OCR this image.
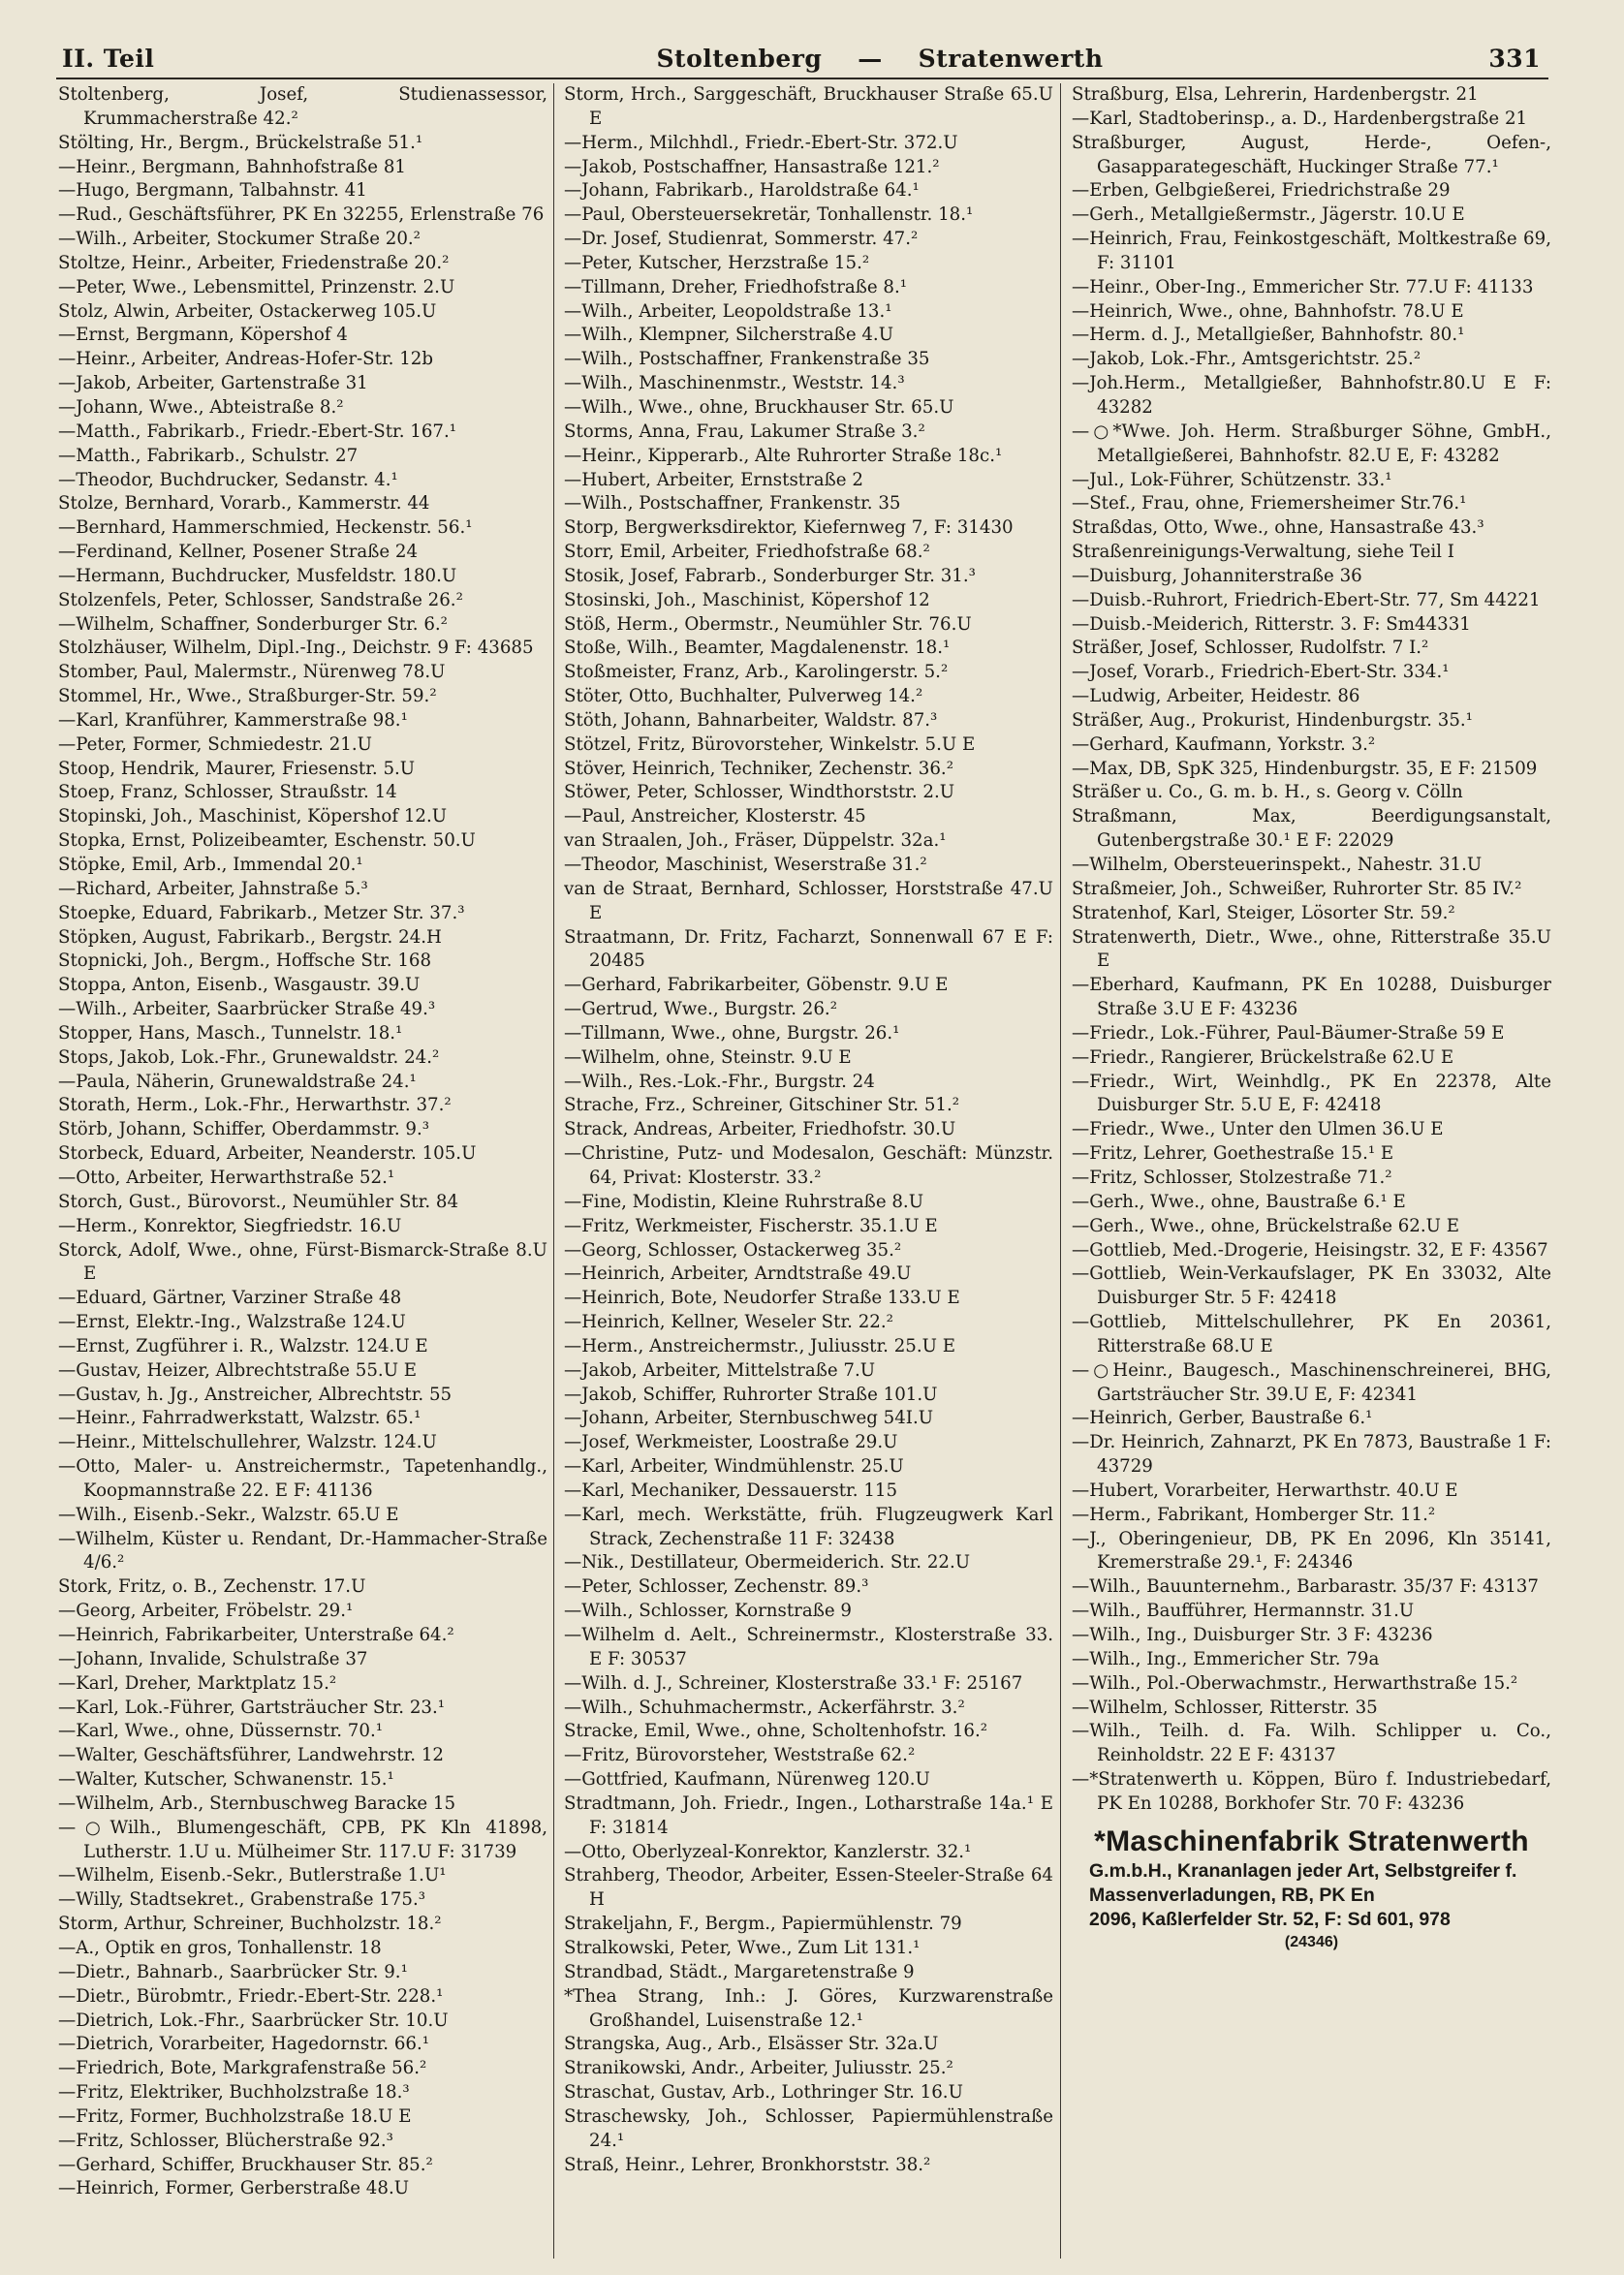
II. Teil	Stoltenberg — Stratenwerth	331
Stoltenberg, Josef, Studienassessor, Krummacherstraße 42.²
Stölting, Hr., Bergm., Brückelstraße 51.¹
—Heinr., Bergmann, Bahnhofstraße 81
—Hugo, Bergmann, Talbahnstr. 41
—Rud., Geschäftsführer, PK En 32255, Erlenstraße 76
—Wilh., Arbeiter, Stockumer Straße 20.²
Stoltze, Heinr., Arbeiter, Friedenstraße 20.²
—Peter, Wwe., Lebensmittel, Prinzenstr. 2.U
Stolz, Alwin, Arbeiter, Ostackerweg 105.U
—Ernst, Bergmann, Köpershof 4
—Heinr., Arbeiter, Andreas-Hofer-Str. 12b
—Jakob, Arbeiter, Gartenstraße 31
—Johann, Wwe., Abteistraße 8.²
—Matth., Fabrikarb., Friedr.-Ebert-Str. 167.¹
—Matth., Fabrikarb., Schulstr. 27
—Theodor, Buchdrucker, Sedanstr. 4.¹
Stolze, Bernhard, Vorarb., Kammerstr. 44
—Bernhard, Hammerschmied, Heckenstr. 56.¹
—Ferdinand, Kellner, Posener Straße 24
—Hermann, Buchdrucker, Musfeldstr. 180.U
Stolzenfels, Peter, Schlosser, Sandstraße 26.²
—Wilhelm, Schaffner, Sonderburger Str. 6.²
Stolzhäuser, Wilhelm, Dipl.-Ing., Deichstr. 9 F: 43685
Stomber, Paul, Malermstr., Nürenweg 78.U
Stommel, Hr., Wwe., Straßburger-Str. 59.²
—Karl, Kranführer, Kammerstraße 98.¹
—Peter, Former, Schmiedestr. 21.U
Stoop, Hendrik, Maurer, Friesenstr. 5.U
Stoep, Franz, Schlosser, Straußstr. 14
Stopinski, Joh., Maschinist, Köpershof 12.U
Stopka, Ernst, Polizeibeamter, Eschenstr. 50.U
Stöpke, Emil, Arb., Immendal 20.¹
—Richard, Arbeiter, Jahnstraße 5.³
Stoepke, Eduard, Fabrikarb., Metzer Str. 37.³
Stöpken, August, Fabrikarb., Bergstr. 24.H
Stopnicki, Joh., Bergm., Hoffsche Str. 168
Stoppa, Anton, Eisenb., Wasgaustr. 39.U
—Wilh., Arbeiter, Saarbrücker Straße 49.³
Stopper, Hans, Masch., Tunnelstr. 18.¹
Stops, Jakob, Lok.-Fhr., Grunewaldstr. 24.²
—Paula, Näherin, Grunewaldstraße 24.¹
Storath, Herm., Lok.-Fhr., Herwarthstr. 37.²
Störb, Johann, Schiffer, Oberdammstr. 9.³
Storbeck, Eduard, Arbeiter, Neanderstr. 105.U
—Otto, Arbeiter, Herwarthstraße 52.¹
Storch, Gust., Bürovorst., Neumühler Str. 84
—Herm., Konrektor, Siegfriedstr. 16.U
Storck, Adolf, Wwe., ohne, Fürst-Bismarck-Straße 8.U E
—Eduard, Gärtner, Varziner Straße 48
—Ernst, Elektr.-Ing., Walzstraße 124.U
—Ernst, Zugführer i. R., Walzstr. 124.U E
—Gustav, Heizer, Albrechtstraße 55.U E
—Gustav, h. Jg., Anstreicher, Albrechtstr. 55
—Heinr., Fahrradwerkstatt, Walzstr. 65.¹
—Heinr., Mittelschullehrer, Walzstr. 124.U
—Otto, Maler- u. Anstreichermstr., Tapetenhandlg., Koopmannstraße 22. E F: 41136
—Wilh., Eisenb.-Sekr., Walzstr. 65.U E
—Wilhelm, Küster u. Rendant, Dr.-Hammacher-Straße 4/6.²
Stork, Fritz, o. B., Zechenstr. 17.U
—Georg, Arbeiter, Fröbelstr. 29.¹
—Heinrich, Fabrikarbeiter, Unterstraße 64.²
—Johann, Invalide, Schulstraße 37
—Karl, Dreher, Marktplatz 15.²
—Karl, Lok.-Führer, Gartsträucher Str. 23.¹
—Karl, Wwe., ohne, Düssernstr. 70.¹
—Walter, Geschäftsführer, Landwehrstr. 12
—Walter, Kutscher, Schwanenstr. 15.¹
—Wilhelm, Arb., Sternbuschweg Baracke 15
—○Wilh., Blumengeschäft, CPB, PK Kln 41898, Lutherstr. 1.U u. Mülheimer Str. 117.U F: 31739
—Wilhelm, Eisenb.-Sekr., Butlerstraße 1.U¹
—Willy, Stadtsekret., Grabenstraße 175.³
Storm, Arthur, Schreiner, Buchholzstr. 18.²
—A., Optik en gros, Tonhallenstr. 18
—Dietr., Bahnarb., Saarbrücker Str. 9.¹
—Dietr., Bürobmtr., Friedr.-Ebert-Str. 228.¹
—Dietrich, Lok.-Fhr., Saarbrücker Str. 10.U
—Dietrich, Vorarbeiter, Hagedornstr. 66.¹
—Friedrich, Bote, Markgrafenstraße 56.²
—Fritz, Elektriker, Buchholzstraße 18.³
—Fritz, Former, Buchholzstraße 18.U E
—Fritz, Schlosser, Blücherstraße 92.³
—Gerhard, Schiffer, Bruckhauser Str. 85.²
—Heinrich, Former, Gerberstraße 48.U
Storm, Hrch., Sarggeschäft, Bruckhauser Straße 65.U E
—Herm., Milchhdl., Friedr.-Ebert-Str. 372.U
—Jakob, Postschaffner, Hansastraße 121.²
—Johann, Fabrikarb., Haroldstraße 64.¹
—Paul, Obersteuersekretär, Tonhallenstr. 18.¹
—Dr. Josef, Studienrat, Sommerstr. 47.²
—Peter, Kutscher, Herzstraße 15.²
—Tillmann, Dreher, Friedhofstraße 8.¹
—Wilh., Arbeiter, Leopoldstraße 13.¹
—Wilh., Klempner, Silcherstraße 4.U
—Wilh., Postschaffner, Frankenstraße 35
—Wilh., Maschinenmstr., Weststr. 14.³
—Wilh., Wwe., ohne, Bruckhauser Str. 65.U
Storms, Anna, Frau, Lakumer Straße 3.²
—Heinr., Kipperarb., Alte Ruhrorter Straße 18c.¹
—Hubert, Arbeiter, Ernststraße 2
—Wilh., Postschaffner, Frankenstr. 35
Storp, Bergwerksdirektor, Kiefernweg 7, F: 31430
Storr, Emil, Arbeiter, Friedhofstraße 68.²
Stosik, Josef, Fabrarb., Sonderburger Str. 31.³
Stosinski, Joh., Maschinist, Köpershof 12
Stöß, Herm., Obermstr., Neumühler Str. 76.U
Stoße, Wilh., Beamter, Magdalenenstr. 18.¹
Stoßmeister, Franz, Arb., Karolingerstr. 5.²
Stöter, Otto, Buchhalter, Pulverweg 14.²
Stöth, Johann, Bahnarbeiter, Waldstr. 87.³
Stötzel, Fritz, Bürovorsteher, Winkelstr. 5.U E
Stöver, Heinrich, Techniker, Zechenstr. 36.²
Stöwer, Peter, Schlosser, Windthorststr. 2.U
—Paul, Anstreicher, Klosterstr. 45
van Straalen, Joh., Fräser, Düppelstr. 32a.¹
—Theodor, Maschinist, Weserstraße 31.²
van de Straat, Bernhard, Schlosser, Horststraße 47.U E
Straatmann, Dr. Fritz, Facharzt, Sonnenwall 67 E F: 20485
—Gerhard, Fabrikarbeiter, Göbenstr. 9.U E
—Gertrud, Wwe., Burgstr. 26.²
—Tillmann, Wwe., ohne, Burgstr. 26.¹
—Wilhelm, ohne, Steinstr. 9.U E
—Wilh., Res.-Lok.-Fhr., Burgstr. 24
Strache, Frz., Schreiner, Gitschiner Str. 51.²
Strack, Andreas, Arbeiter, Friedhofstr. 30.U
—Christine, Putz- und Modesalon, Geschäft: Münzstr. 64, Privat: Klosterstr. 33.²
—Fine, Modistin, Kleine Ruhrstraße 8.U
—Fritz, Werkmeister, Fischerstr. 35.1.U E
—Georg, Schlosser, Ostackerweg 35.²
—Heinrich, Arbeiter, Arndtstraße 49.U
—Heinrich, Bote, Neudorfer Straße 133.U E
—Heinrich, Kellner, Weseler Str. 22.²
—Herm., Anstreichermstr., Juliusstr. 25.U E
—Jakob, Arbeiter, Mittelstraße 7.U
—Jakob, Schiffer, Ruhrorter Straße 101.U
—Johann, Arbeiter, Sternbuschweg 54I.U
—Josef, Werkmeister, Loostraße 29.U
—Karl, Arbeiter, Windmühlenstr. 25.U
—Karl, Mechaniker, Dessauerstr. 115
—Karl, mech. Werkstätte, früh. Flugzeugwerk Karl Strack, Zechenstraße 11 F: 32438
—Nik., Destillateur, Obermeiderich. Str. 22.U
—Peter, Schlosser, Zechenstr. 89.³
—Wilh., Schlosser, Kornstraße 9
—Wilhelm d. Aelt., Schreinermstr., Klosterstraße 33. E F: 30537
—Wilh. d. J., Schreiner, Klosterstraße 33.¹ F: 25167
—Wilh., Schuhmachermstr., Ackerfährstr. 3.²
Stracke, Emil, Wwe., ohne, Scholtenhofstr. 16.²
—Fritz, Bürovorsteher, Weststraße 62.²
—Gottfried, Kaufmann, Nürenweg 120.U
Stradtmann, Joh. Friedr., Ingen., Lotharstraße 14a.¹ E F: 31814
—Otto, Oberlyzeal-Konrektor, Kanzlerstr. 32.¹
Strahberg, Theodor, Arbeiter, Essen-Steeler-Straße 64 H
Strakeljahn, F., Bergm., Papiermühlenstr. 79
Stralkowski, Peter, Wwe., Zum Lit 131.¹
Strandbad, Städt., Margaretenstraße 9
*Thea Strang, Inh.: J. Göres, Kurzwarenstraße Großhandel, Luisenstraße 12.¹
Strangska, Aug., Arb., Elsässer Str. 32a.U
Stranikowski, Andr., Arbeiter, Juliusstr. 25.²
Straschat, Gustav, Arb., Lothringer Str. 16.U
Straschewsky, Joh., Schlosser, Papiermühlenstraße 24.¹
Straß, Heinr., Lehrer, Bronkhorststr. 38.²
Straßburg, Elsa, Lehrerin, Hardenbergstr. 21
—Karl, Stadtoberinsp., a. D., Hardenbergstraße 21
Straßburger, August, Herde-, Oefen-, Gasapparategeschäft, Huckinger Straße 77.¹
—Erben, Gelbgießerei, Friedrichstraße 29
—Gerh., Metallgießermstr., Jägerstr. 10.U E
—Heinrich, Frau, Feinkostgeschäft, Moltkestraße 69, F: 31101
—Heinr., Ober-Ing., Emmericher Str. 77.U F: 41133
—Heinrich, Wwe., ohne, Bahnhofstr. 78.U E
—Herm. d. J., Metallgießer, Bahnhofstr. 80.¹
—Jakob, Lok.-Fhr., Amtsgerichtstr. 25.²
—Joh.Herm., Metallgießer, Bahnhofstr.80.U E F: 43282
—○*Wwe. Joh. Herm. Straßburger Söhne, GmbH., Metallgießerei, Bahnhofstr. 82.U E, F: 43282
—Jul., Lok-Führer, Schützenstr. 33.¹
—Stef., Frau, ohne, Friemersheimer Str.76.¹
Straßdas, Otto, Wwe., ohne, Hansastraße 43.³
Straßenreinigungs-Verwaltung, siehe Teil I
—Duisburg, Johanniterstraße 36
—Duisb.-Ruhrort, Friedrich-Ebert-Str. 77, Sm 44221
—Duisb.-Meiderich, Ritterstr. 3. F: Sm44331
Sträßer, Josef, Schlosser, Rudolfstr. 7 I.²
—Josef, Vorarb., Friedrich-Ebert-Str. 334.¹
—Ludwig, Arbeiter, Heidestr. 86
Sträßer, Aug., Prokurist, Hindenburgstr. 35.¹
—Gerhard, Kaufmann, Yorkstr. 3.²
—Max, DB, SpK 325, Hindenburgstr. 35, E F: 21509
Sträßer u. Co., G. m. b. H., s. Georg v. Cölln
Straßmann, Max, Beerdigungsanstalt, Gutenbergstraße 30.¹ E F: 22029
—Wilhelm, Obersteuerinspekt., Nahestr. 31.U
Straßmeier, Joh., Schweißer, Ruhrorter Str. 85 IV.²
Stratenhof, Karl, Steiger, Lösorter Str. 59.²
Stratenwerth, Dietr., Wwe., ohne, Ritterstraße 35.U E
—Eberhard, Kaufmann, PK En 10288, Duisburger Straße 3.U E F: 43236
—Friedr., Lok.-Führer, Paul-Bäumer-Straße 59 E
—Friedr., Rangierer, Brückelstraße 62.U E
—Friedr., Wirt, Weinhdlg., PK En 22378, Alte Duisburger Str. 5.U E, F: 42418
—Friedr., Wwe., Unter den Ulmen 36.U E
—Fritz, Lehrer, Goethestraße 15.¹ E
—Fritz, Schlosser, Stolzestraße 71.²
—Gerh., Wwe., ohne, Baustraße 6.¹ E
—Gerh., Wwe., ohne, Brückelstraße 62.U E
—Gottlieb, Med.-Drogerie, Heisingstr. 32, E F: 43567
—Gottlieb, Wein-Verkaufslager, PK En 33032, Alte Duisburger Str. 5 F: 42418
—Gottlieb, Mittelschullehrer, PK En 20361, Ritterstraße 68.U E
—○Heinr., Baugesch., Maschinenschreinerei, BHG, Gartsträucher Str. 39.U E, F: 42341
—Heinrich, Gerber, Baustraße 6.¹
—Dr. Heinrich, Zahnarzt, PK En 7873, Baustraße 1 F: 43729
—Hubert, Vorarbeiter, Herwarthstr. 40.U E
—Herm., Fabrikant, Homberger Str. 11.²
—J., Oberingenieur, DB, PK En 2096, Kln 35141, Kremerstraße 29.¹, F: 24346
—Wilh., Bauunternehm., Barbarastr. 35/37 F: 43137
—Wilh., Baufführer, Hermannstr. 31.U
—Wilh., Ing., Duisburger Str. 3 F: 43236
—Wilh., Ing., Emmericher Str. 79a
—Wilh., Pol.-Oberwachmstr., Herwarthstraße 15.²
—Wilhelm, Schlosser, Ritterstr. 35
—Wilh., Teilh. d. Fa. Wilh. Schlipper u. Co., Reinholdstr. 22 E F: 43137
—*Stratenwerth u. Köppen, Büro f. Industriebedarf, PK En 10288, Borkhofer Str. 70 F: 43236
*Maschinenfabrik Stratenwerth
G.m.b.H., Krananlagen jeder Art, Selbstgreifer f. Massenverladungen, RB, PK En
2096, Kaßlerfelder Str. 52, F: Sd 601, 978
(24346)
